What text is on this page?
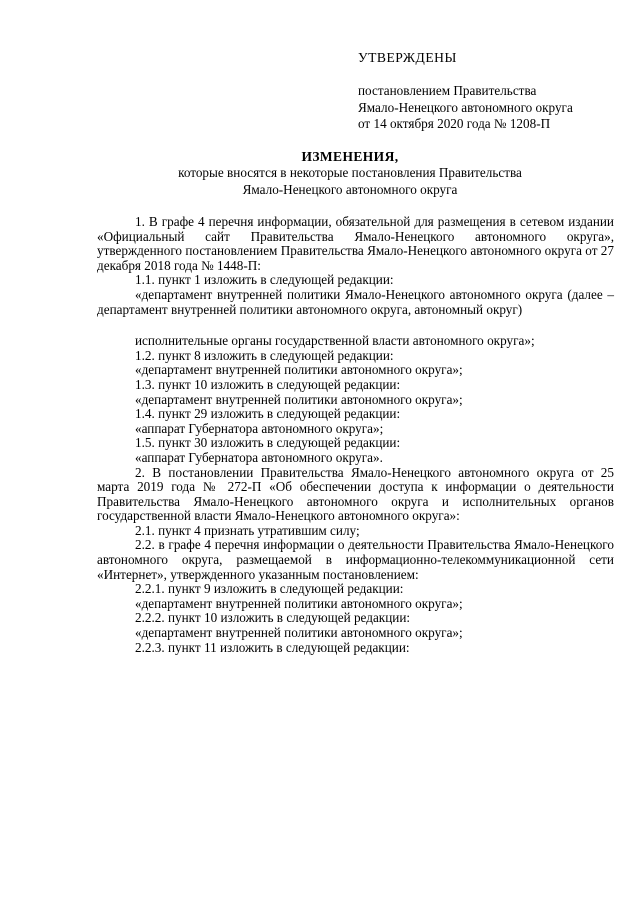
УТВЕРЖДЕНЫ
постановлением Правительства
Ямало-Ненецкого автономного округа
от 14 октября 2020 года № 1208-П
ИЗМЕНЕНИЯ,
которые вносятся в некоторые постановления Правительства
Ямало-Ненецкого автономного округа

1. В графе 4 перечня информации, обязательной для размещения в сетевом издании «Официальный сайт Правительства Ямало-Ненецкого автономного округа», утвержденного постановлением Правительства Ямало-Ненецкого автономного округа от 27 декабря 2018 года № 1448-П:

1.1. пункт 1 изложить в следующей редакции:

«департамент внутренней политики Ямало-Ненецкого автономного округа (далее – департамент внутренней политики автономного округа, автономный округ)

исполнительные органы государственной власти автономного округа»;

1.2. пункт 8 изложить в следующей редакции:

«департамент внутренней политики автономного округа»;

1.3. пункт 10 изложить в следующей редакции:

«департамент внутренней политики автономного округа»;

1.4. пункт 29 изложить в следующей редакции:

«аппарат Губернатора автономного округа»;

1.5. пункт 30 изложить в следующей редакции:

«аппарат Губернатора автономного округа».

2. В постановлении Правительства Ямало-Ненецкого автономного округа от 25 марта 2019 года № 272-П «Об обеспечении доступа к информации о деятельности Правительства Ямало-Ненецкого автономного округа и исполнительных органов государственной власти Ямало-Ненецкого автономного округа»:

2.1. пункт 4 признать утратившим силу;

2.2. в графе 4 перечня информации о деятельности Правительства Ямало-Ненецкого автономного округа, размещаемой в информационно-телекоммуникационной сети «Интернет», утвержденного указанным постановлением:

2.2.1. пункт 9 изложить в следующей редакции:

«департамент внутренней политики автономного округа»;

2.2.2. пункт 10 изложить в следующей редакции:

«департамент внутренней политики автономного округа»;

2.2.3. пункт 11 изложить в следующей редакции:
